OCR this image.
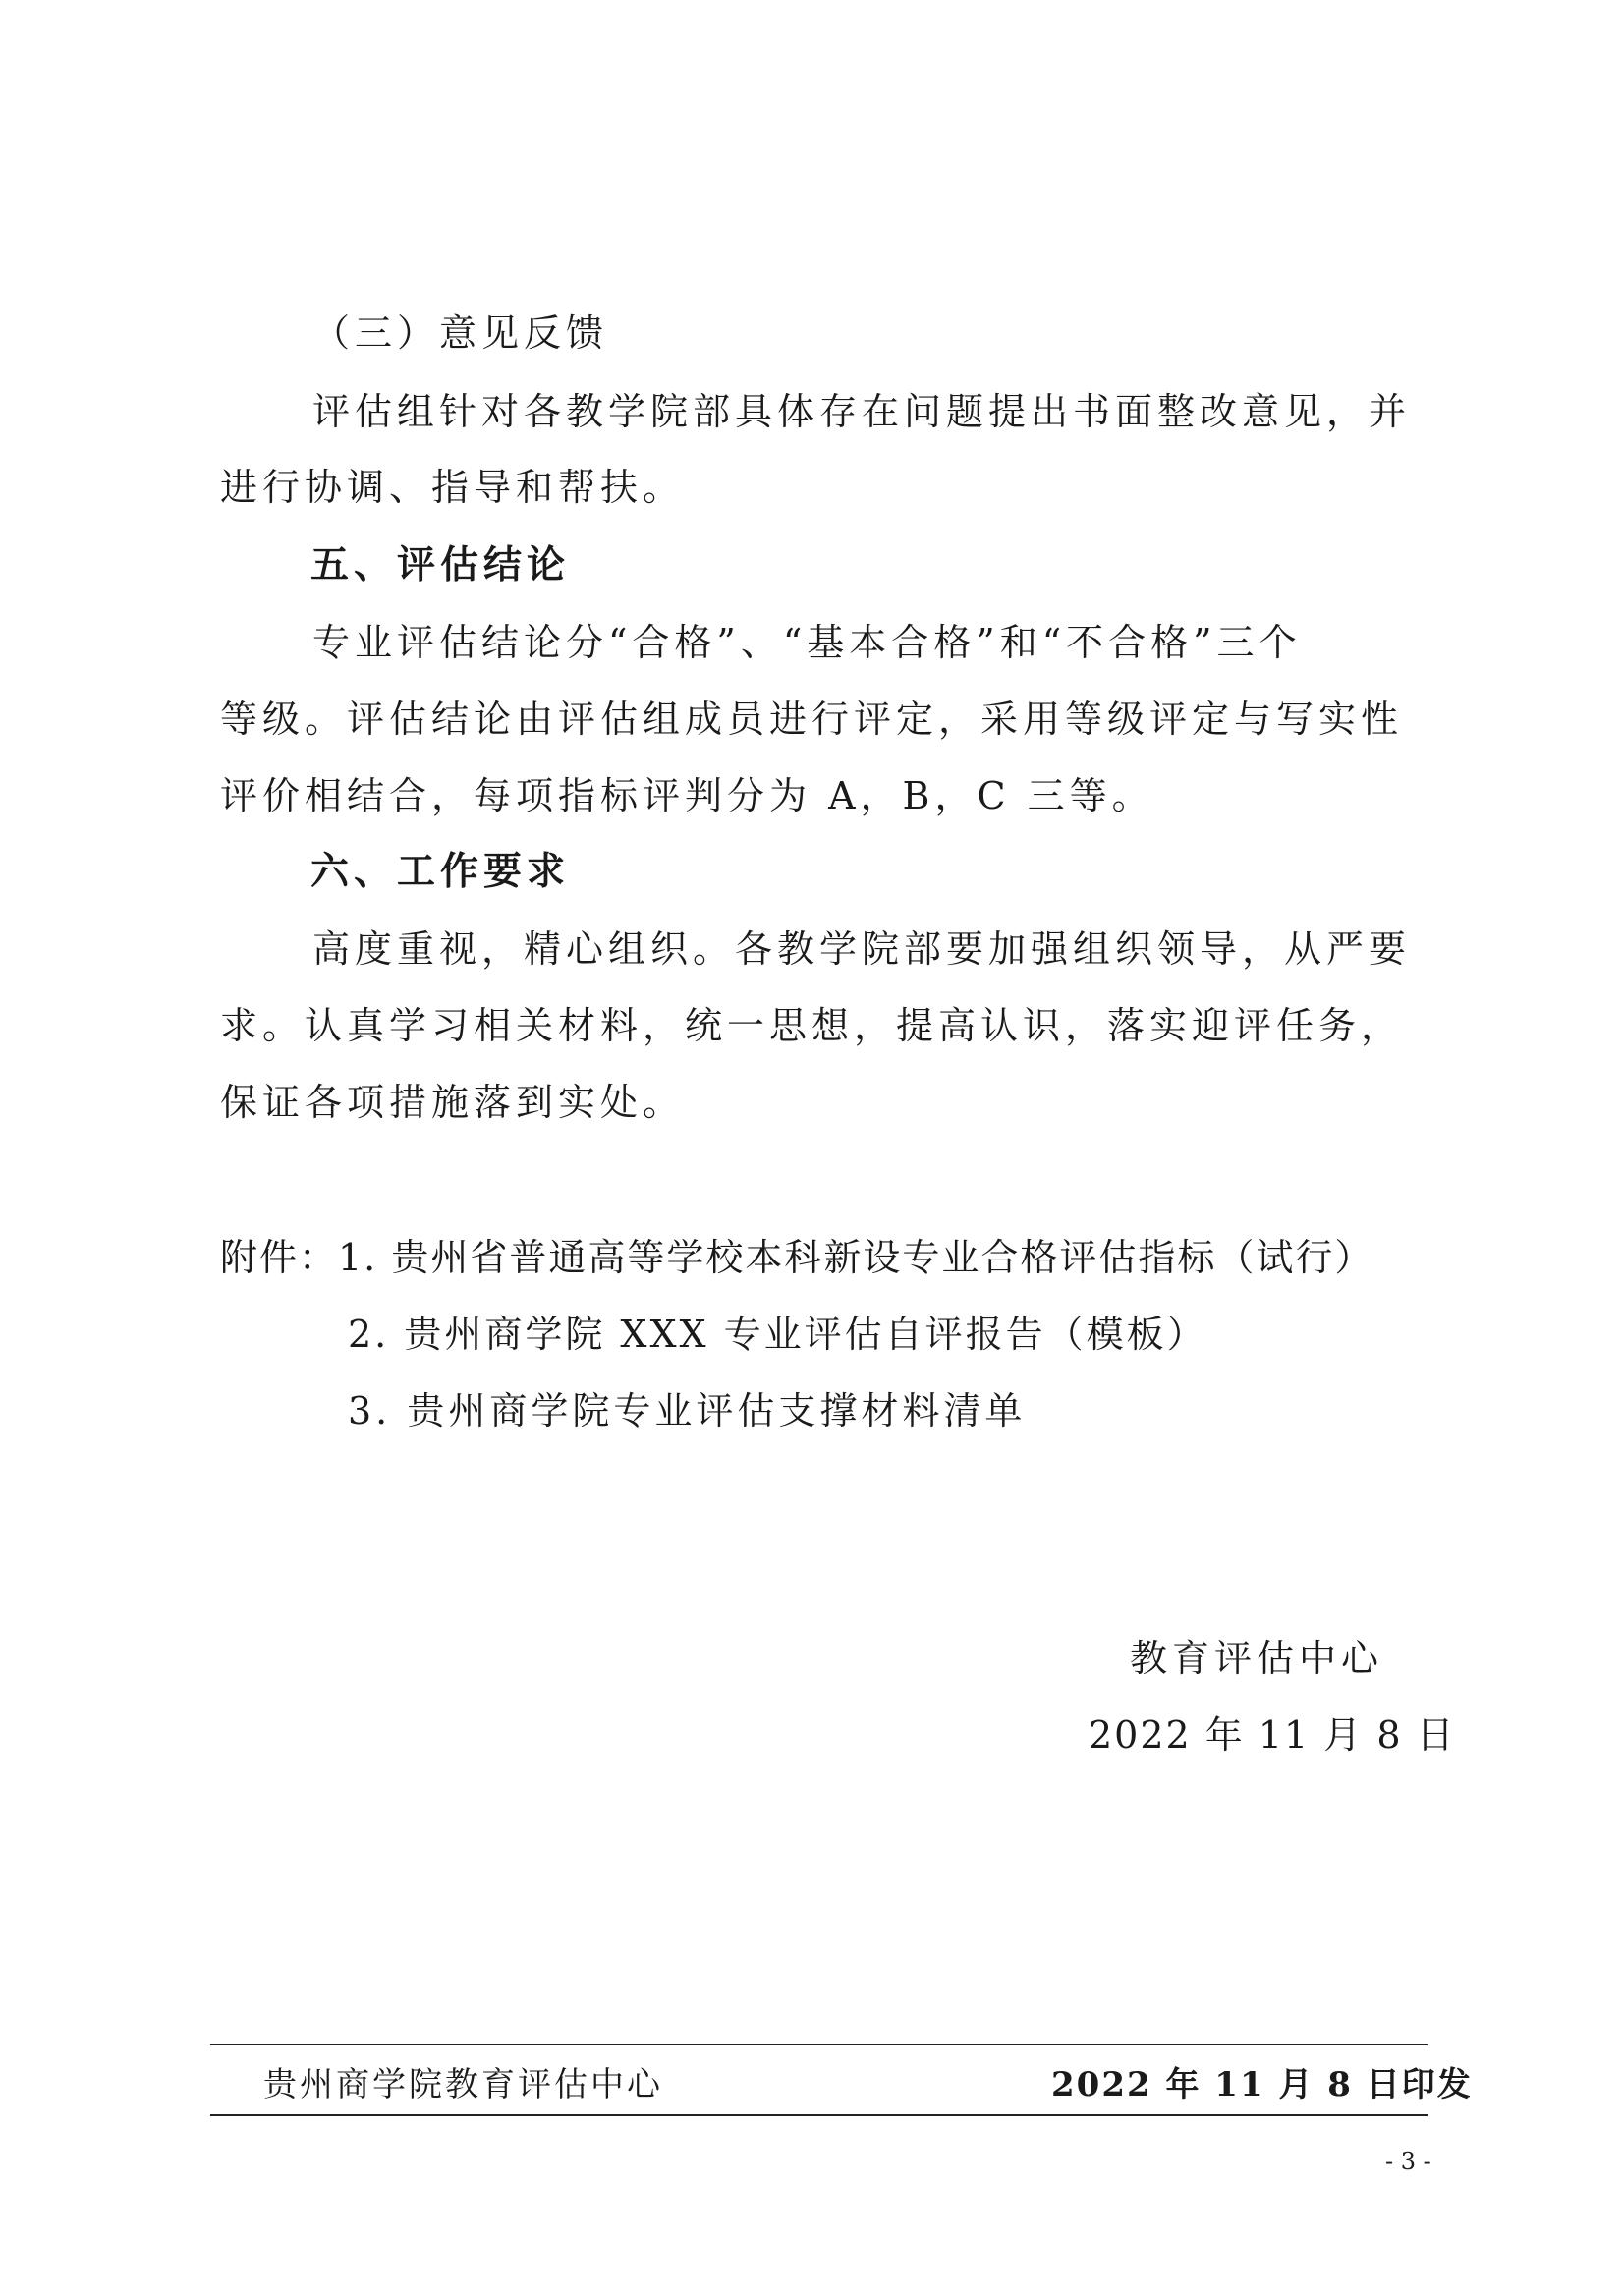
（三）意见反馈
评估组针对各教学院部具体存在问题提出书面整改意见，并
进行协调、指导和帮扶。
五、评估结论
专业评估结论分“合格”、“基本合格”和“不合格”三个
等级。评估结论由评估组成员进行评定，采用等级评定与写实性
评价相结合，每项指标评判分为 A，B，C 三等。
六、工作要求
高度重视，精心组织。各教学院部要加强组织领导，从严要
求。认真学习相关材料，统一思想，提高认识，落实迎评任务，
保证各项措施落到实处。
附件：1. 贵州省普通高等学校本科新设专业合格评估指标（试行）
2. 贵州商学院 XXX 专业评估自评报告（模板）
3. 贵州商学院专业评估支撑材料清单
教育评估中心
2022 年 11 月 8 日
贵州商学院教育评估中心	2022 年 11 月 8 日印发
- 3 -
